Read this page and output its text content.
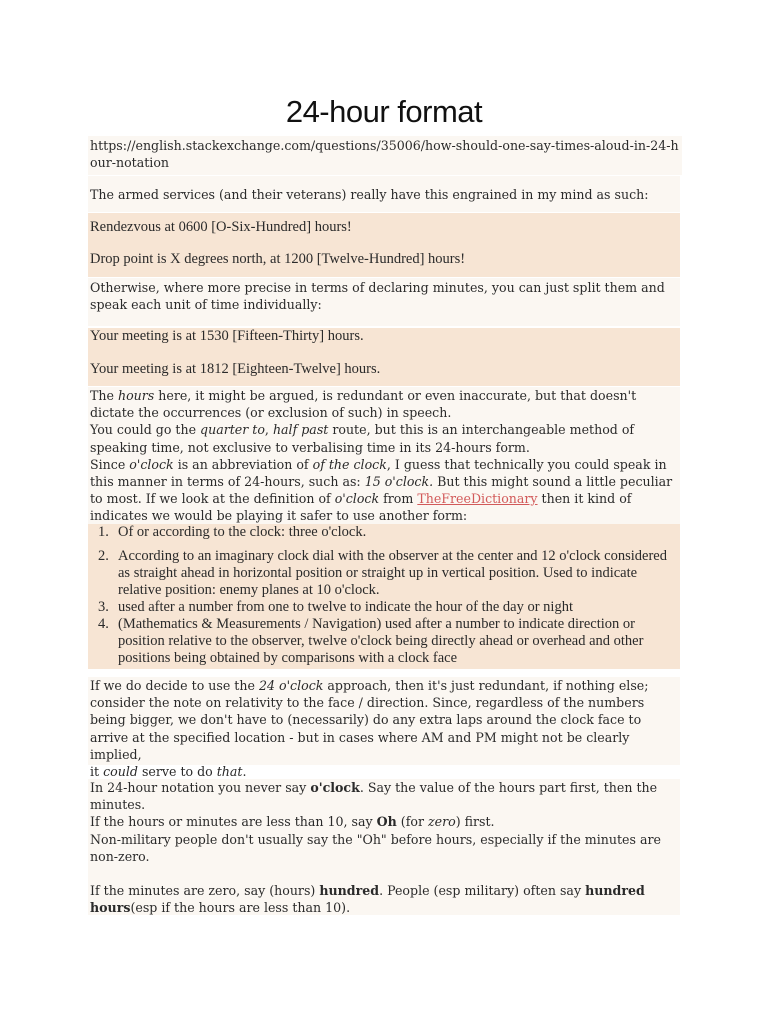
24-hour format

https://english.stackexchange.com/questions/35006/how-should-one-say-times-aloud-in-24-hour-notation

The armed services (and their veterans) really have this engrained in my mind as such:

Rendezvous at 0600 [O-Six-Hundred] hours!

Drop point is X degrees north, at 1200 [Twelve-Hundred] hours!

Otherwise, where more precise in terms of declaring minutes, you can just split them and speak each unit of time individually:

Your meeting is at 1530 [Fifteen-Thirty] hours.

Your meeting is at 1812 [Eighteen-Twelve] hours.

The hours here, it might be argued, is redundant or even inaccurate, but that doesn't dictate the occurrences (or exclusion of such) in speech.

You could go the quarter to, half past route, but this is an interchangeable method of speaking time, not exclusive to verbalising time in its 24-hours form.

Since o'clock is an abbreviation of of the clock, I guess that technically you could speak in this manner in terms of 24-hours, such as: 15 o'clock. But this might sound a little peculiar to most. If we look at the definition of o'clock from TheFreeDictionary then it kind of indicates we would be playing it safer to use another form:

1. Of or according to the clock: three o'clock.
2. According to an imaginary clock dial with the observer at the center and 12 o'clock considered as straight ahead in horizontal position or straight up in vertical position. Used to indicate relative position: enemy planes at 10 o'clock.
3. used after a number from one to twelve to indicate the hour of the day or night
4. (Mathematics & Measurements / Navigation) used after a number to indicate direction or position relative to the observer, twelve o'clock being directly ahead or overhead and other positions being obtained by comparisons with a clock face

If we do decide to use the 24 o'clock approach, then it's just redundant, if nothing else; consider the note on relativity to the face / direction. Since, regardless of the numbers being bigger, we don't have to (necessarily) do any extra laps around the clock face to arrive at the specified location - but in cases where AM and PM might not be clearly implied,
it could serve to do that.

In 24-hour notation you never say o'clock. Say the value of the hours part first, then the minutes.

If the hours or minutes are less than 10, say Oh (for zero) first.

Non-military people don't usually say the "Oh" before hours, especially if the minutes are non-zero.

If the minutes are zero, say (hours) hundred. People (esp military) often say hundred hours(esp if the hours are less than 10).
